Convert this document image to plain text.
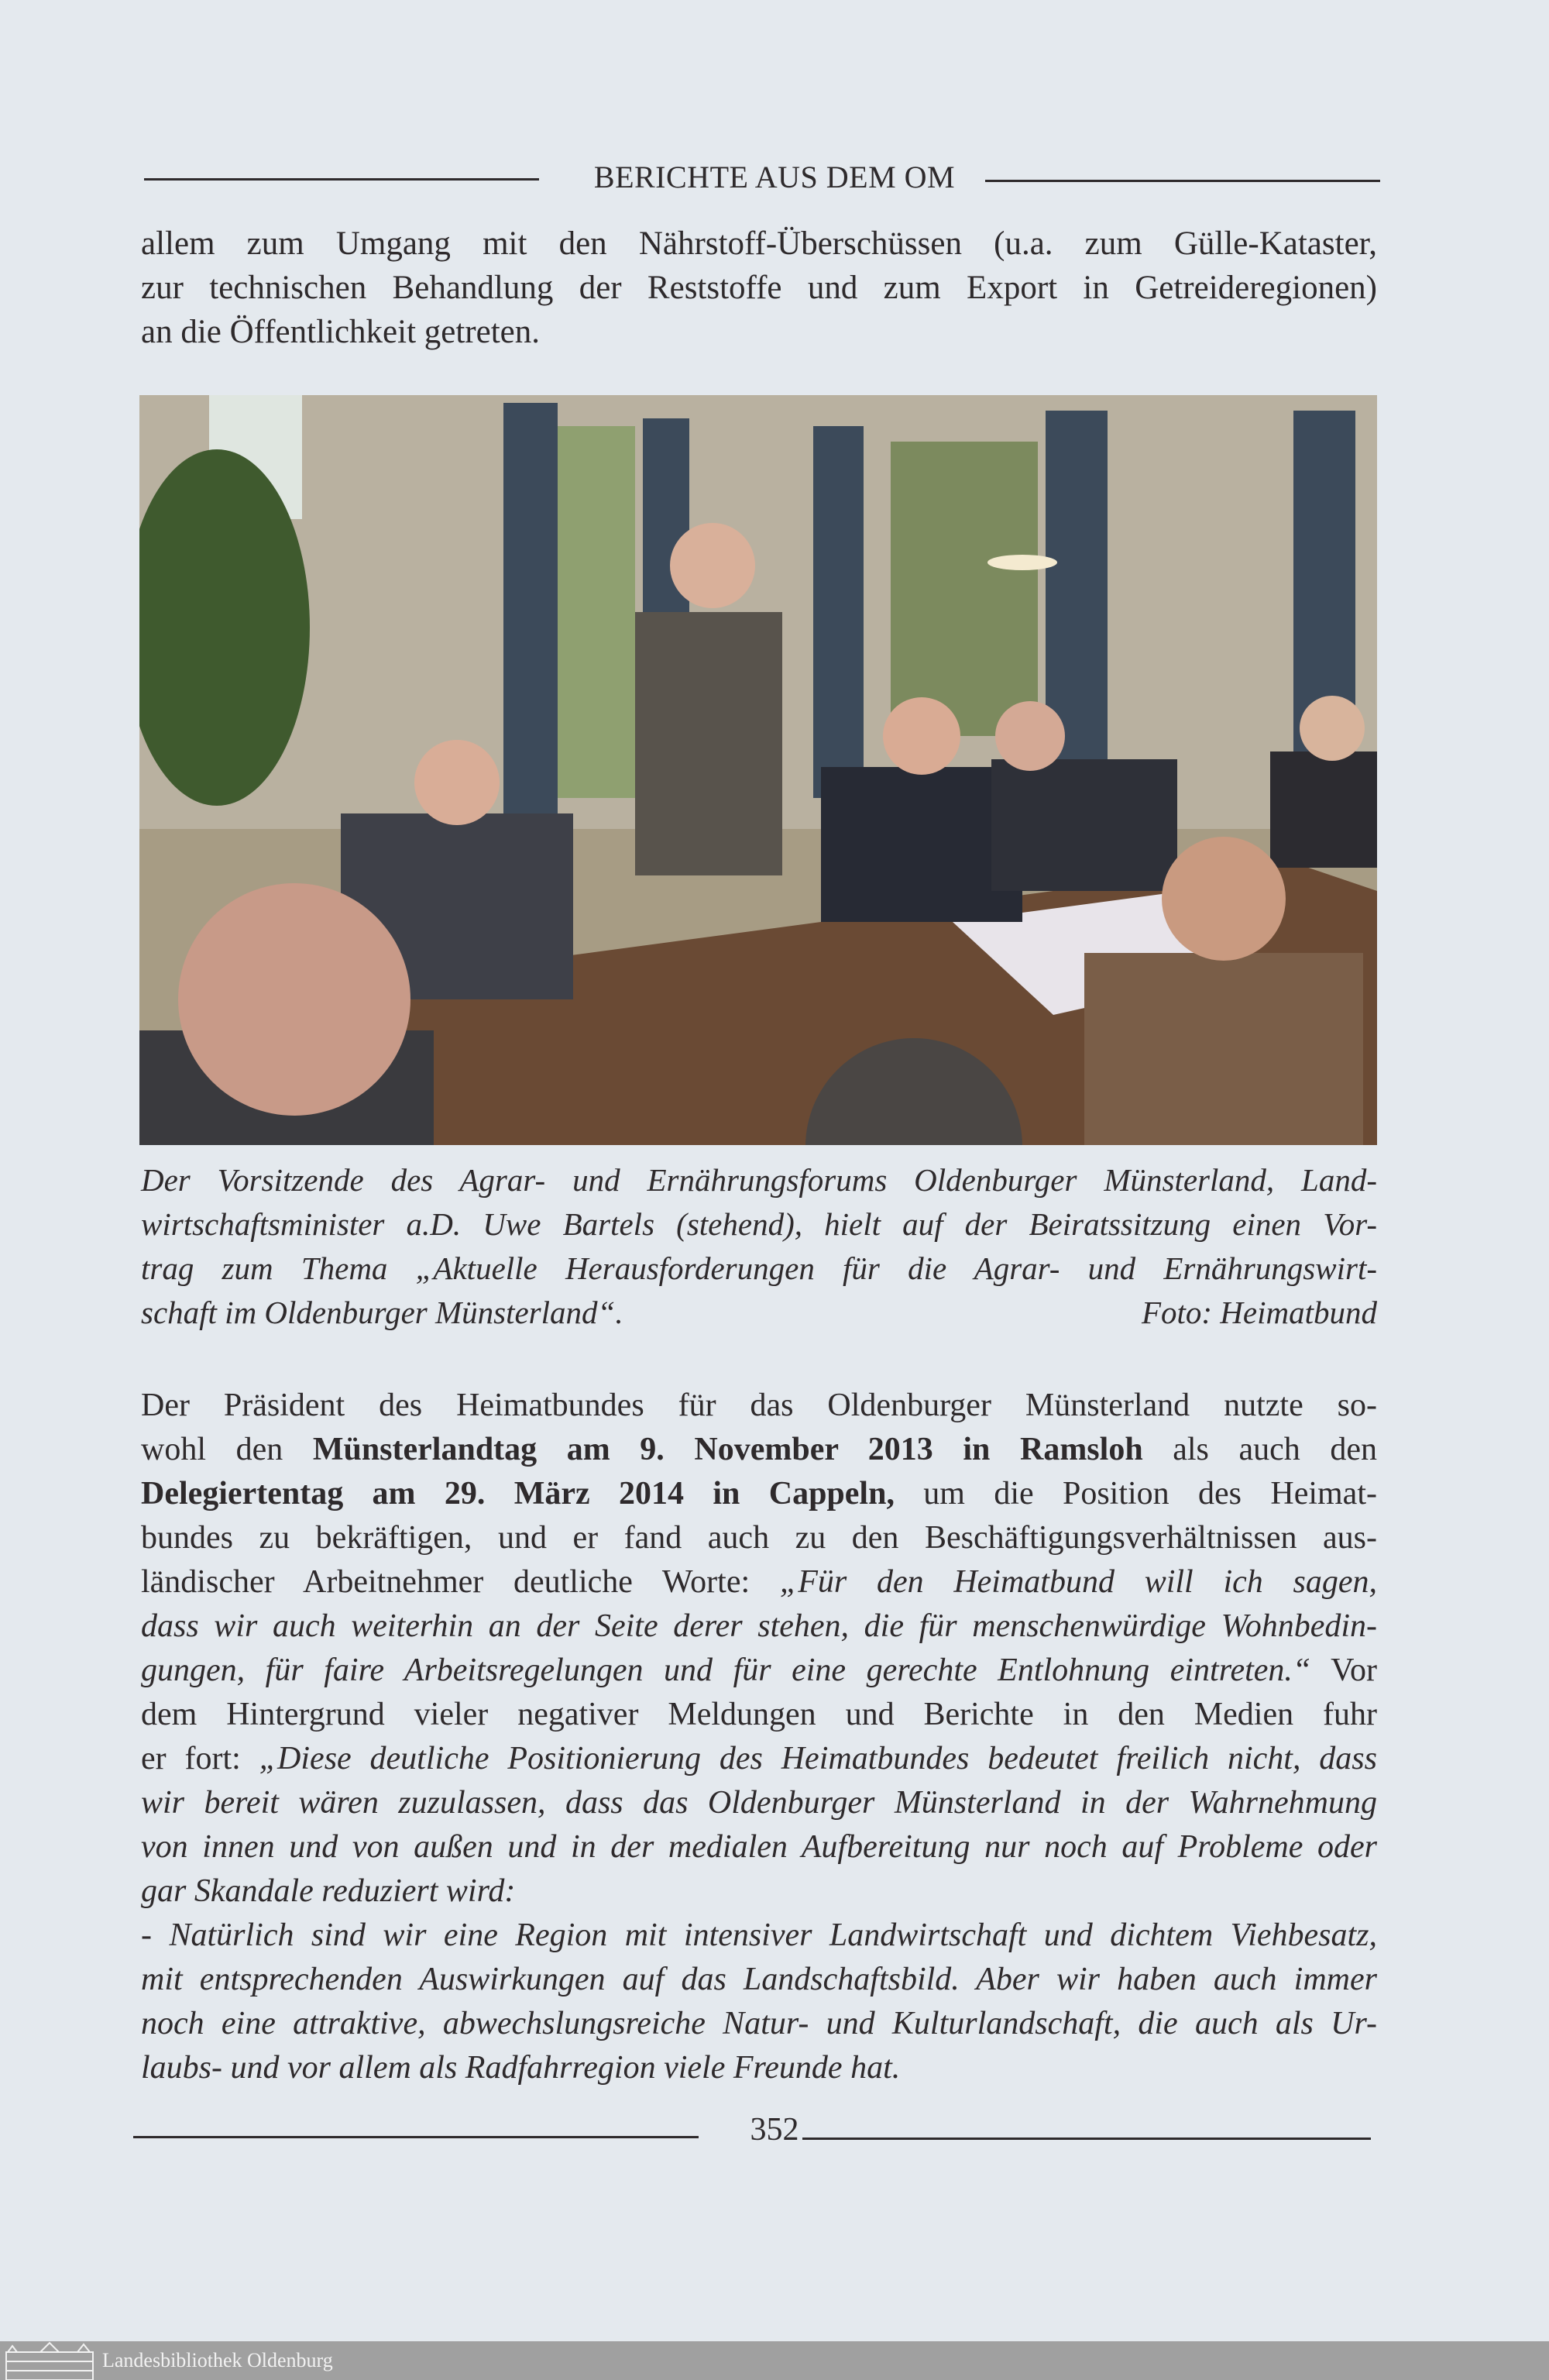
BERICHTE AUS DEM OM
allem zum Umgang mit den Nährstoff-Überschüssen (u.a. zum Gülle-Kataster,
zur technischen Behandlung der Reststoffe und zum Export in Getreideregionen)
an die Öffentlichkeit getreten.
Der Vorsitzende des Agrar- und Ernährungsforums Oldenburger Münsterland, Land-
wirtschaftsminister a.D. Uwe Bartels (stehend), hielt auf der Beiratssitzung einen Vor-
trag zum Thema „Aktuelle Herausforderungen für die Agrar- und Ernährungswirt-
schaft im Oldenburger Münsterland“.	Foto: Heimatbund
Der Präsident des Heimatbundes für das Oldenburger Münsterland nutzte so-
wohl den Münsterlandtag am 9. November 2013 in Ramsloh als auch den
Delegiertentag am 29. März 2014 in Cappeln, um die Position des Heimat-
bundes zu bekräftigen, und er fand auch zu den Beschäftigungsverhältnissen aus-
ländischer Arbeitnehmer deutliche Worte: „Für den Heimatbund will ich sagen,
dass wir auch weiterhin an der Seite derer stehen, die für menschenwürdige Wohnbedin-
gungen, für faire Arbeitsregelungen und für eine gerechte Entlohnung eintreten.“ Vor
dem Hintergrund vieler negativer Meldungen und Berichte in den Medien fuhr
er fort: „Diese deutliche Positionierung des Heimatbundes bedeutet freilich nicht, dass
wir bereit wären zuzulassen, dass das Oldenburger Münsterland in der Wahrnehmung
von innen und von außen und in der medialen Aufbereitung nur noch auf Probleme oder
gar Skandale reduziert wird:
- Natürlich sind wir eine Region mit intensiver Landwirtschaft und dichtem Viehbesatz,
mit entsprechenden Auswirkungen auf das Landschaftsbild. Aber wir haben auch immer
noch eine attraktive, abwechslungsreiche Natur- und Kulturlandschaft, die auch als Ur-
laubs- und vor allem als Radfahrregion viele Freunde hat.
352
Landesbibliothek Oldenburg
